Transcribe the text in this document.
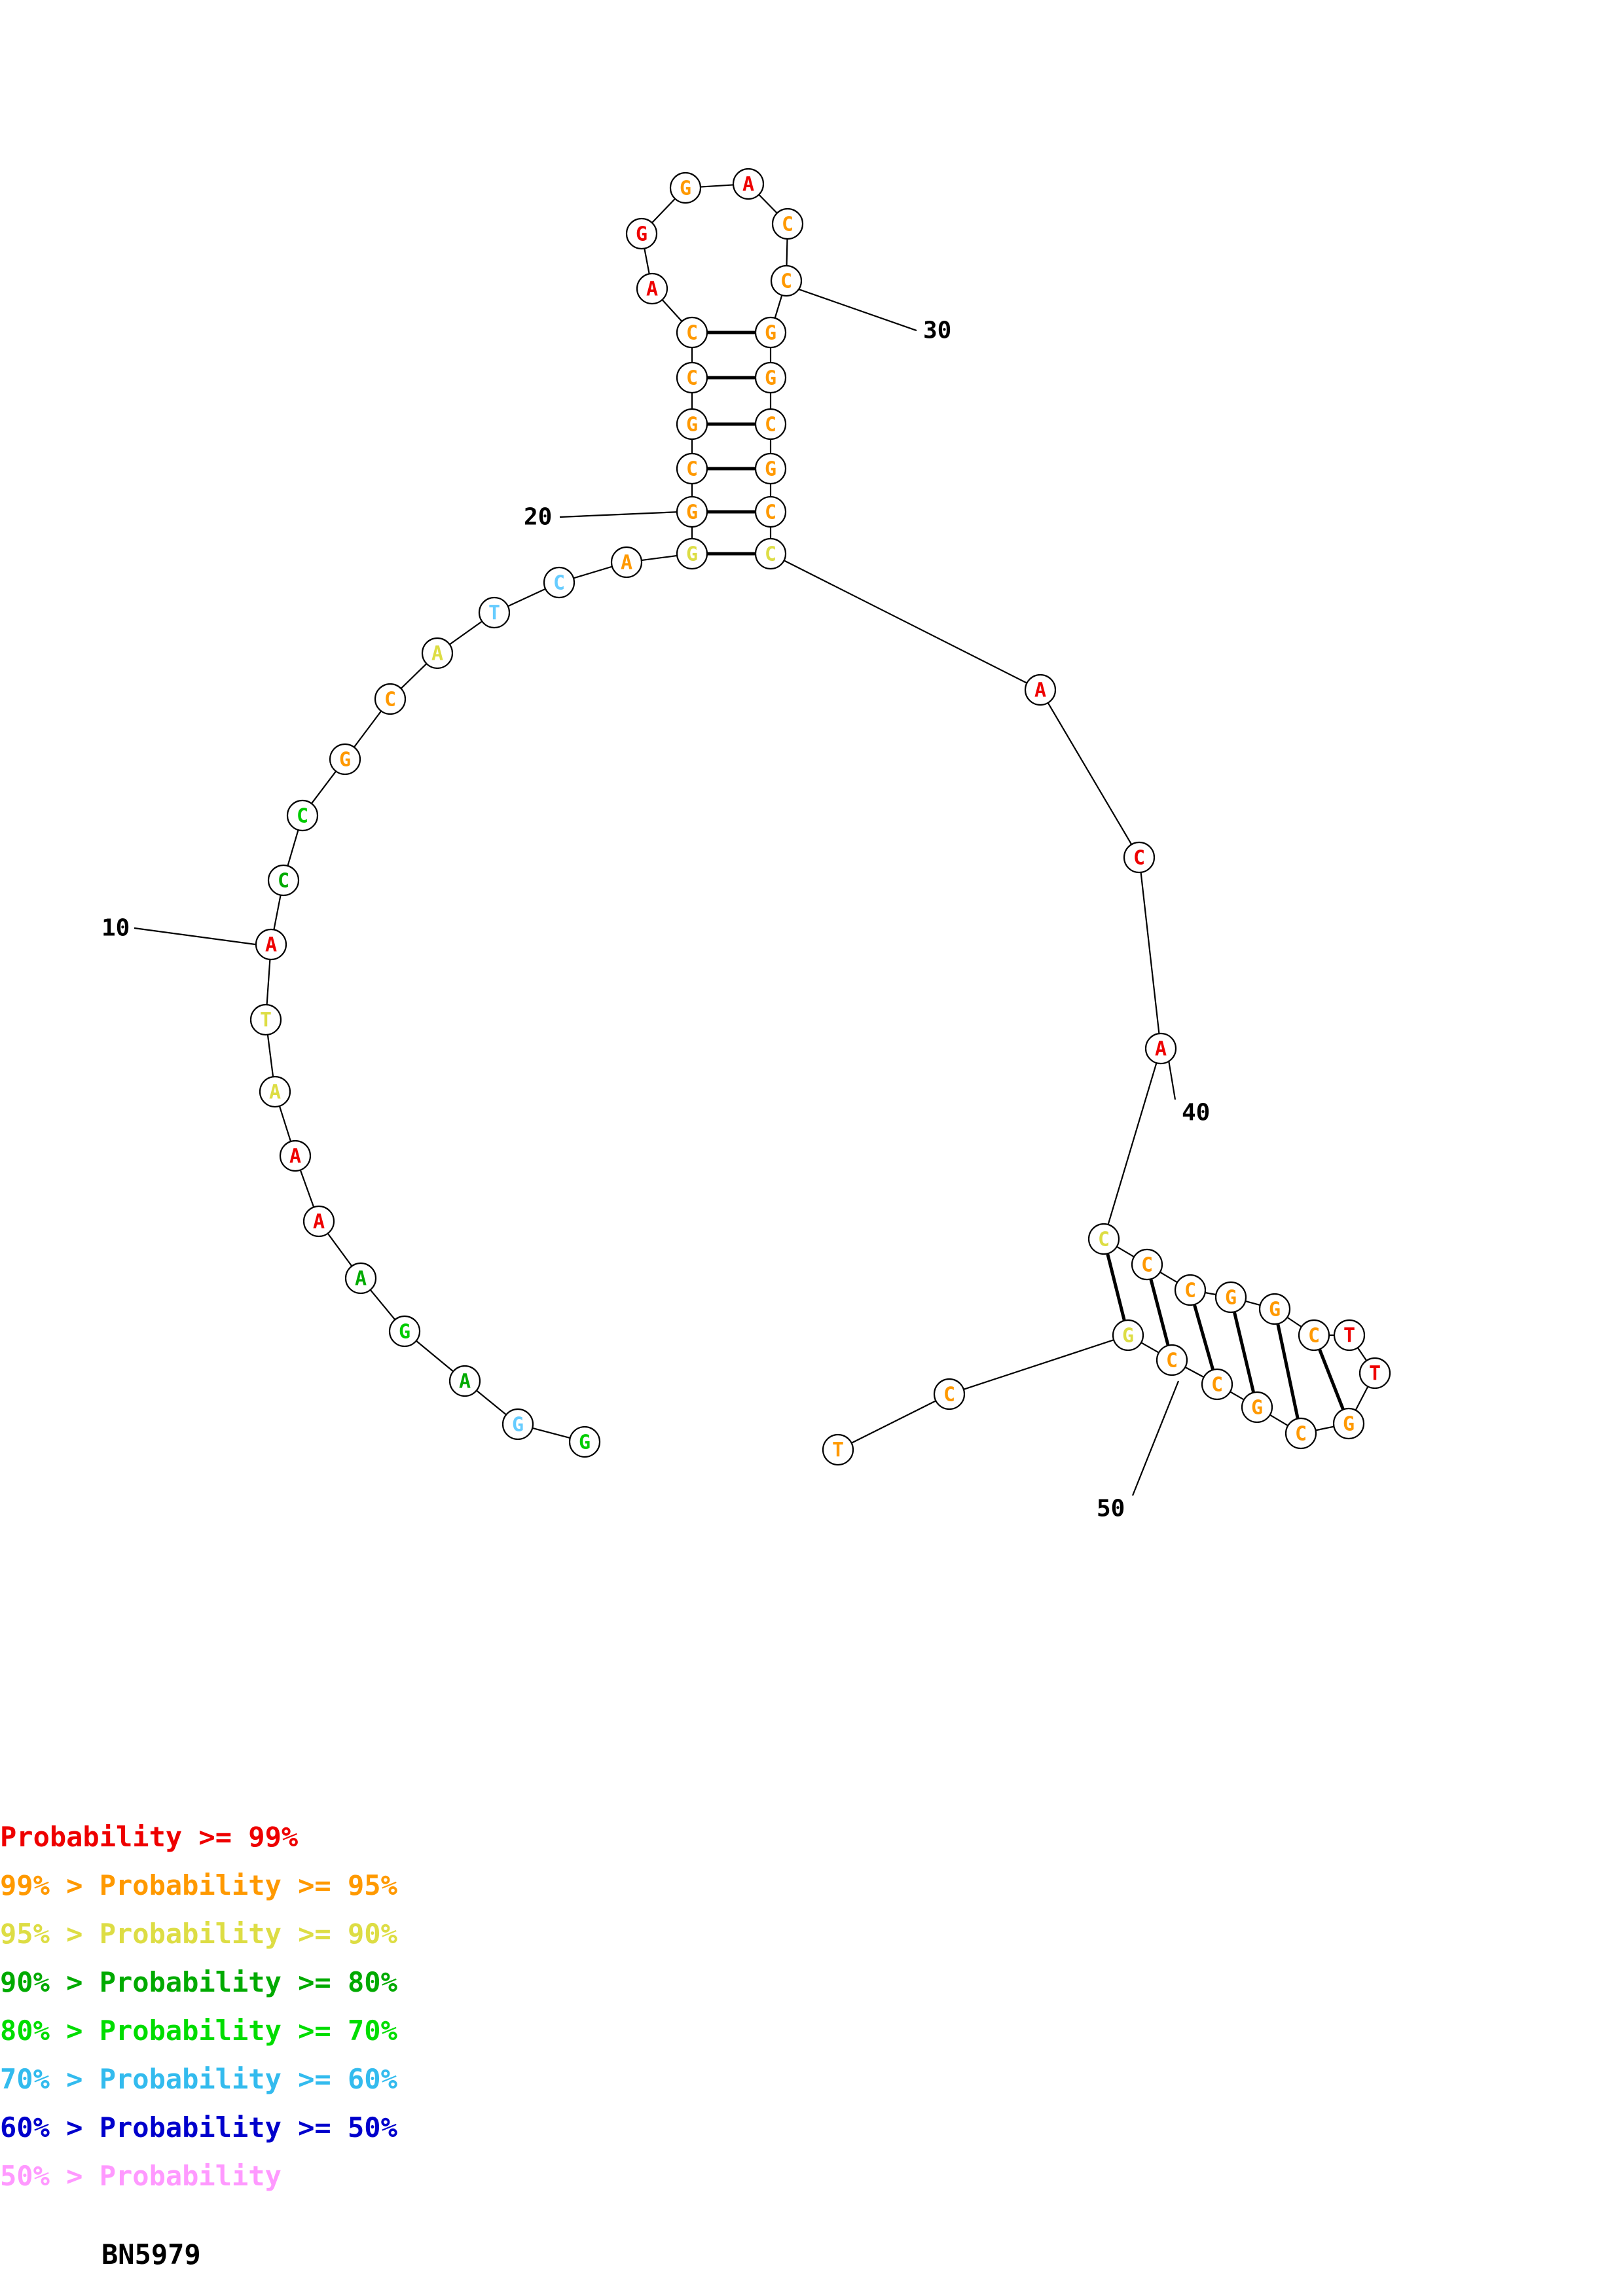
G
G
A
G
A
A
A
A
T
A
C
C
G
C
A
T
C
A	G
G
C
G
C
C
A
G
G	A
C
C
G
G
C
G
C
C
A
C
A
C
C
C G
G
C T
T
G
C
G
C
C
G
C
T
10
20
30
40
50
Probability >= 99%
99% > Probability >= 95%
95% > Probability >= 90%
90% > Probability >= 80%
80% > Probability >= 70%
70% > Probability >= 60%
60% > Probability >= 50%
50% > Probability
BN5979
